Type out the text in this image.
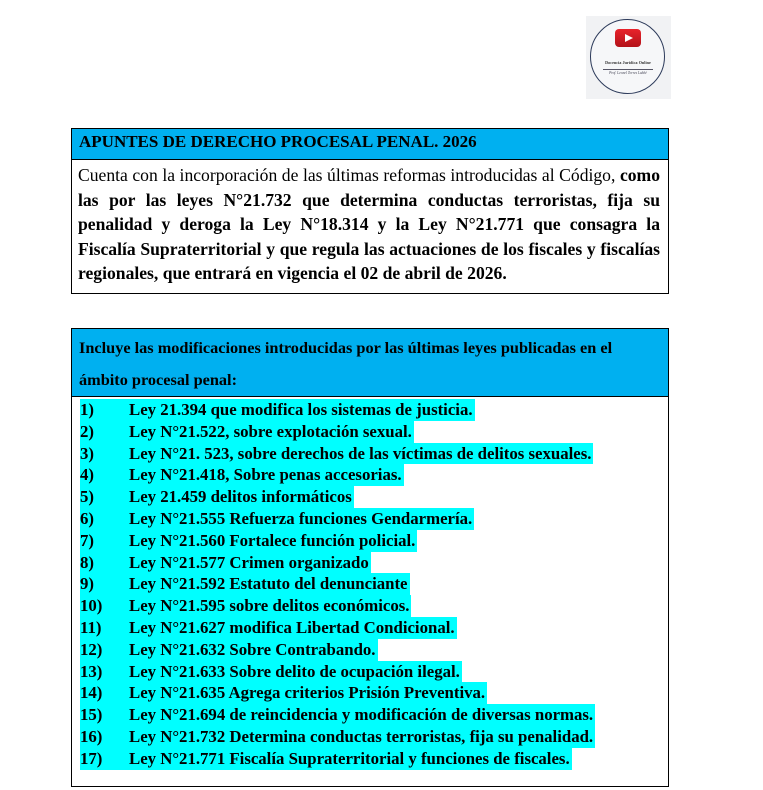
Docencia Jurídica Online
Prof. Leonel Torres Labbé
APUNTES DE DERECHO PROCESAL PENAL. 2026
Cuenta con la incorporación de las últimas reformas introducidas al Código, como las por las leyes N°21.732 que determina conductas terroristas, fija su penalidad y deroga la Ley N°18.314 y la Ley N°21.771 que consagra la Fiscalía Supraterritorial y que regula las actuaciones de los fiscales y fiscalías regionales, que entrará en vigencia el 02 de abril de 2026.
Incluye las modificaciones introducidas por las últimas leyes publicadas en el ámbito procesal penal:
1) Ley 21.394 que modifica los sistemas de justicia.
2) Ley N°21.522, sobre explotación sexual.
3) Ley N°21. 523, sobre derechos de las víctimas de delitos sexuales.
4) Ley N°21.418, Sobre penas accesorias.
5) Ley 21.459 delitos informáticos
6) Ley N°21.555 Refuerza funciones Gendarmería.
7) Ley N°21.560 Fortalece función policial.
8) Ley N°21.577 Crimen organizado
9) Ley N°21.592 Estatuto del denunciante
10) Ley N°21.595 sobre delitos económicos.
11) Ley N°21.627 modifica Libertad Condicional.
12) Ley N°21.632 Sobre Contrabando.
13) Ley N°21.633 Sobre delito de ocupación ilegal.
14) Ley N°21.635 Agrega criterios Prisión Preventiva.
15) Ley N°21.694 de reincidencia y modificación de diversas normas.
16) Ley N°21.732 Determina conductas terroristas, fija su penalidad.
17) Ley N°21.771 Fiscalía Supraterritorial y funciones de fiscales.
